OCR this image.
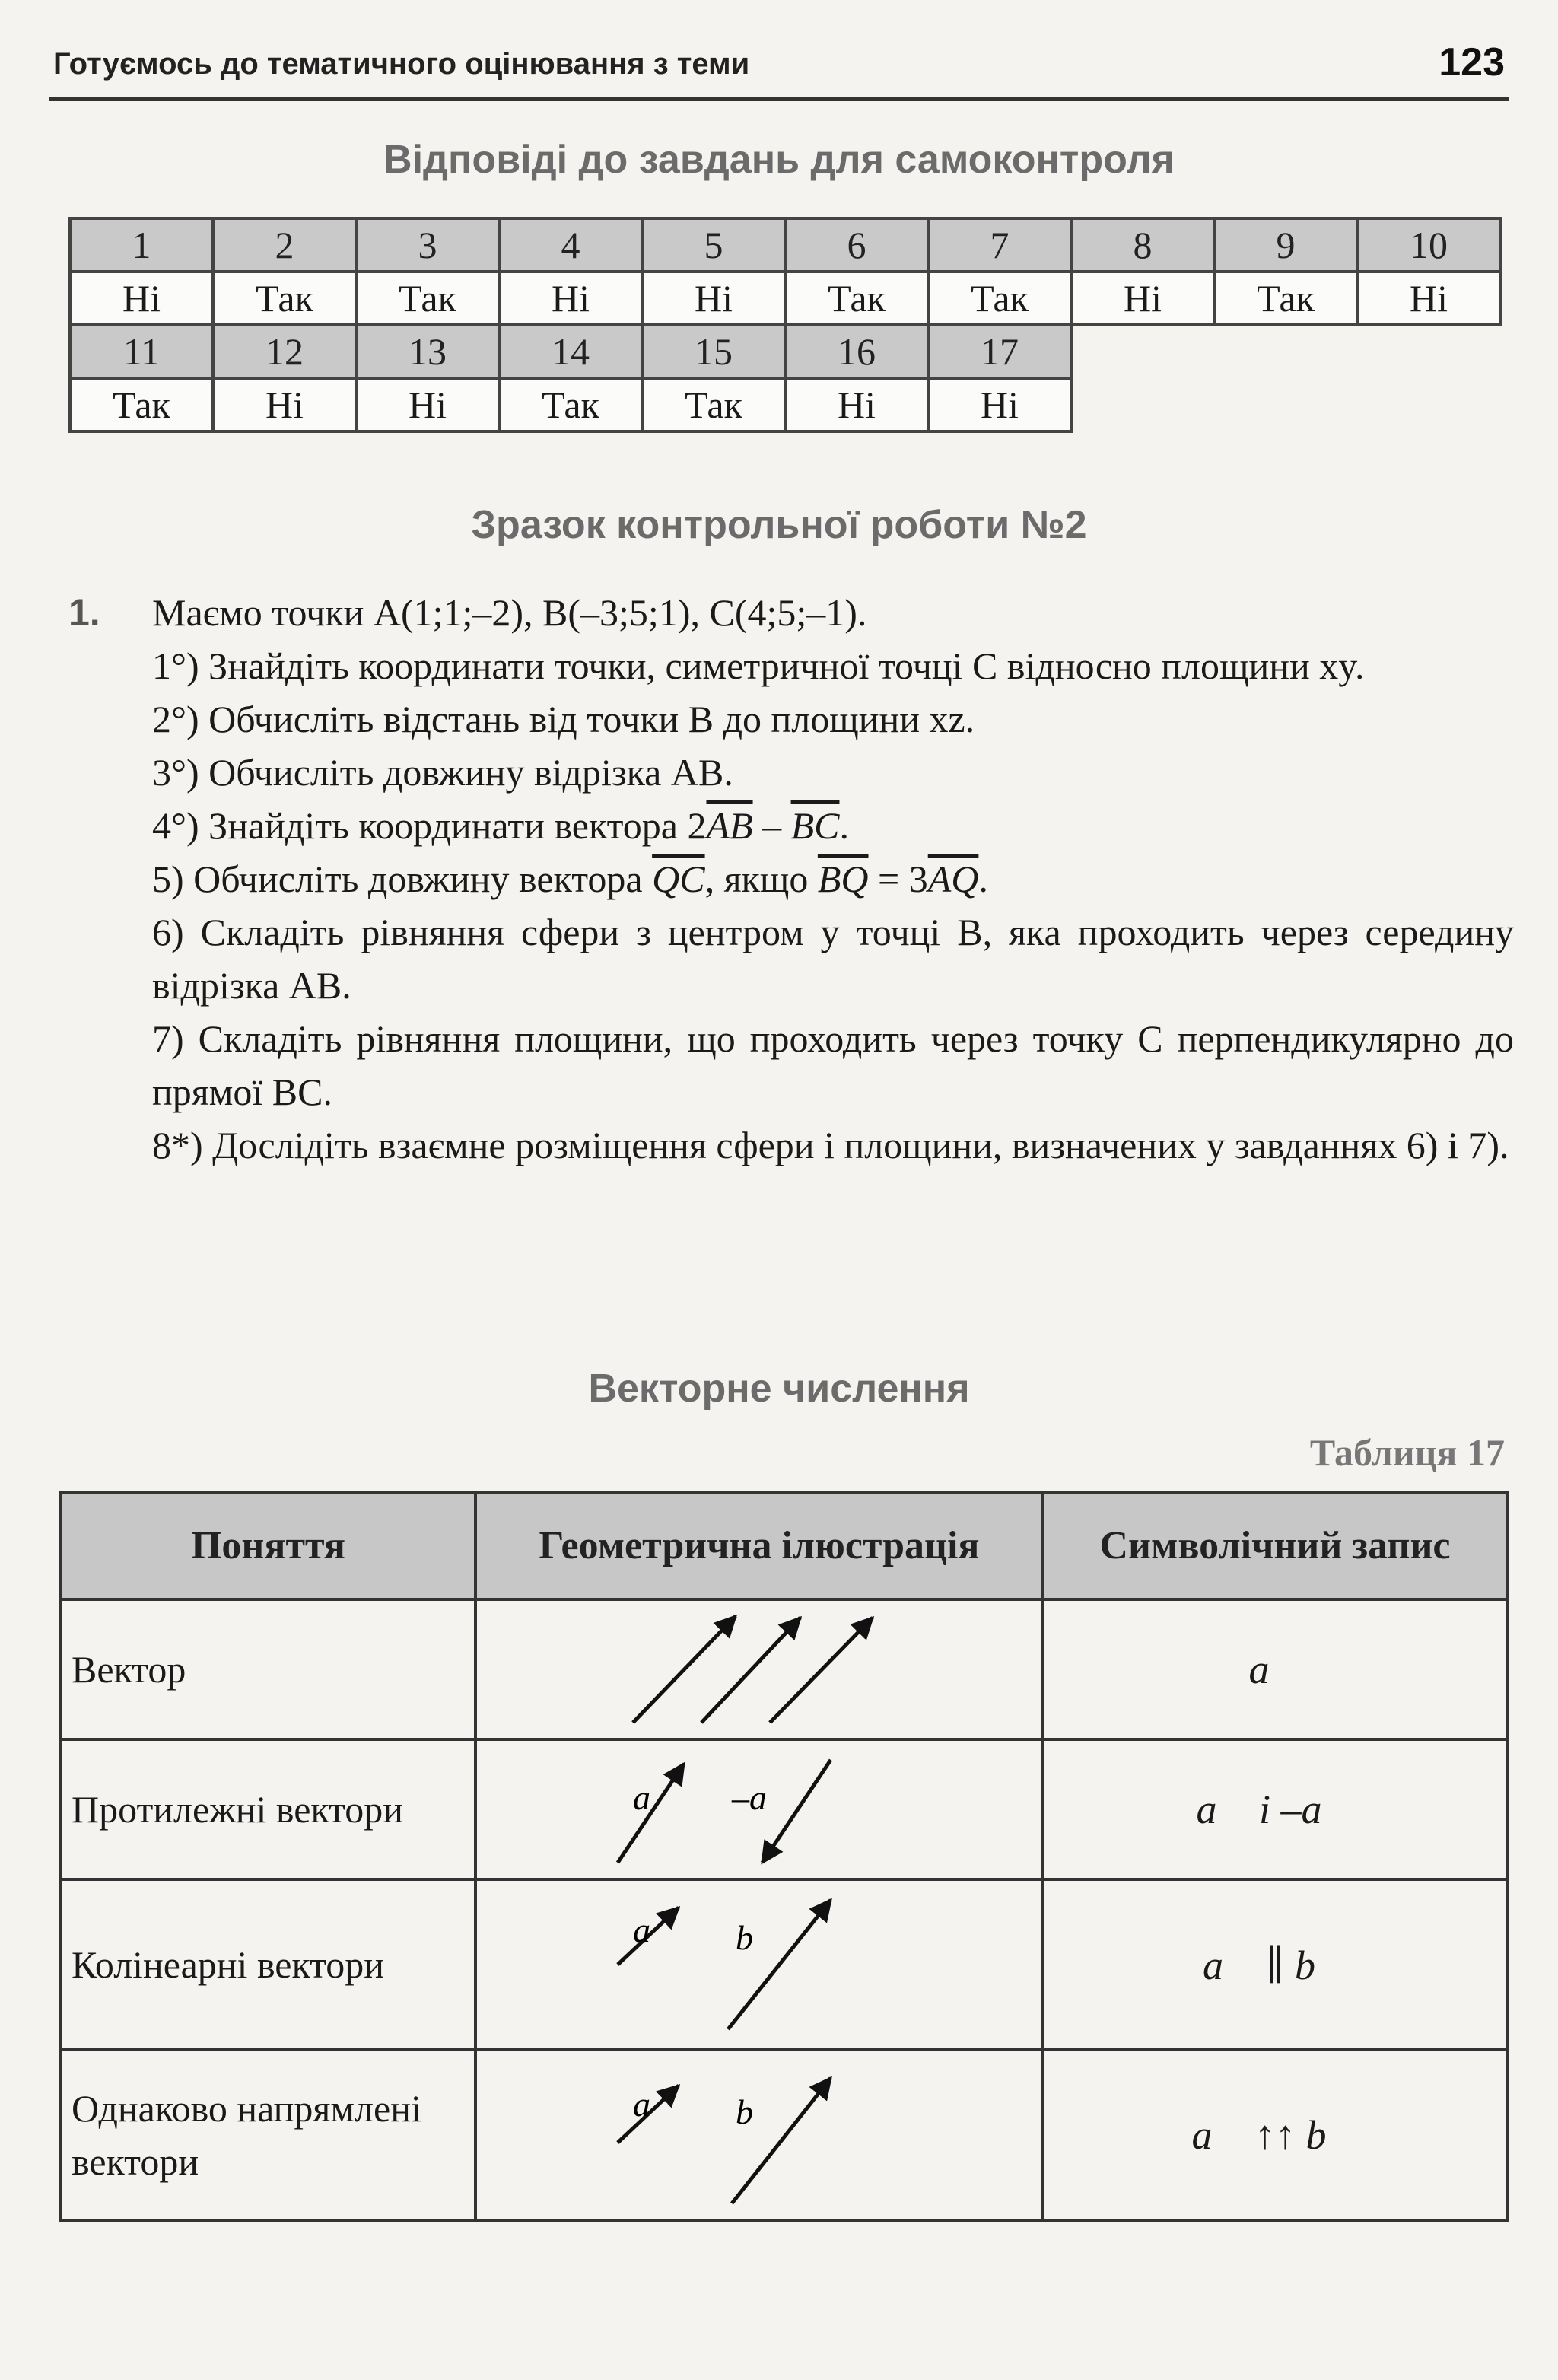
Готуємось до тематичного оцінювання з теми	123
Відповіді до завдань для самоконтроля
1	2	3	4	5	6	7	8	9	10
Ні	Так	Так	Ні	Ні	Так	Так	Ні	Так	Ні
11	12	13	14	15	16	17			
Так	Ні	Ні	Так	Так	Ні	Ні			
Зразок контрольної роботи №2
1. Маємо точки A(1;1;–2), B(–3;5;1), C(4;5;–1).
1°) Знайдіть координати точки, симетричної точці C відносно площини xy.
2°) Обчисліть відстань від точки B до площини xz.
3°) Обчисліть довжину відрізка AB.
4°) Знайдіть координати вектора $2\overline{AB} - \overline{BC}$.
5) Обчисліть довжину вектора $\overline{QC}$, якщо $\overline{BQ} = 3\overline{AQ}$.
6) Складіть рівняння сфери з центром у точці B, яка проходить через середину відрізка AB.
7) Складіть рівняння площини, що проходить через точку C перпендикулярно до прямої BC.
8*) Дослідіть взаємне розміщення сфери і площини, визначених у завданнях 6) і 7).
Векторне числення
Таблиця 17
Поняття	Геометрична ілюстрація	Символічний запис
Вектор		a⃗
Протилежні вектори	a⃗ –a⃗	a⃗ і –a⃗
Колінеарні вектори	a⃗ b⃗	a⃗ ∥ b⃗
Однаково напрямлені вектори	a⃗ b⃗	a⃗ ↑↑ b⃗
